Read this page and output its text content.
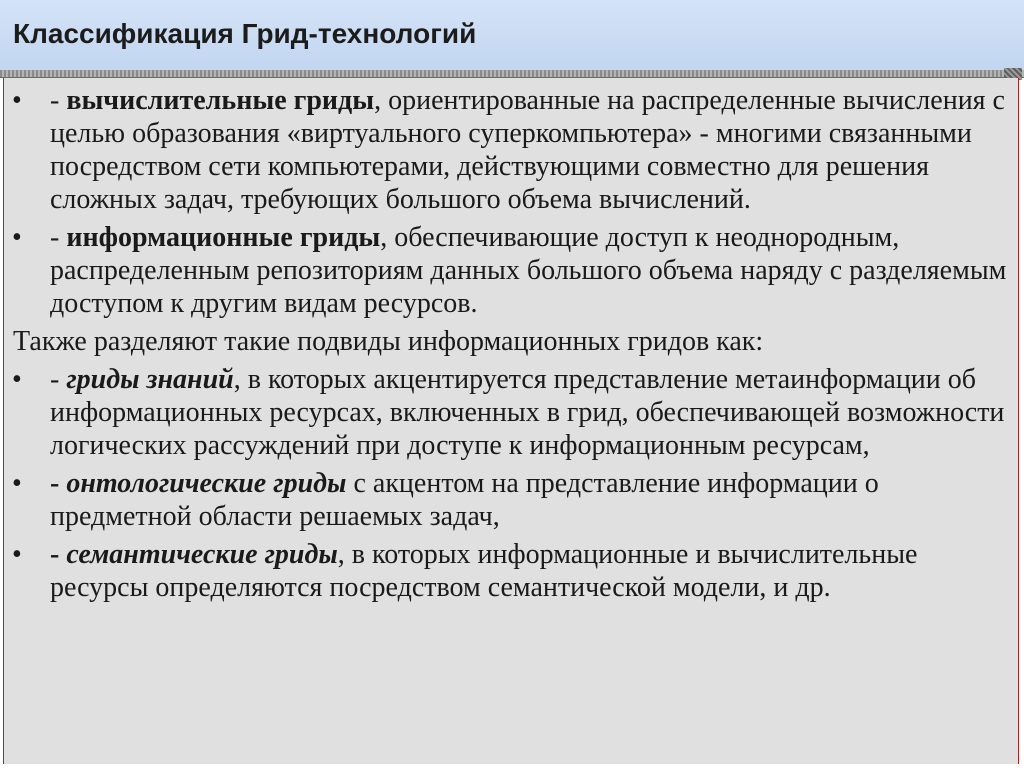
Классификация Грид-технологий
• - вычислительные гриды, ориентированные на распределенные вычисления с целью образования «виртуального суперкомпьютера» - многими связанными посредством сети компьютерами, действующими совместно для решения сложных задач, требующих большого объема вычислений.
• - информационные гриды, обеспечивающие доступ к неоднородным, распределенным репозиториям данных большого объема наряду с разделяемым доступом к другим видам ресурсов.
Также разделяют такие подвиды информационных гридов как:
• - гриды знаний, в которых акцентируется представление метаинформации об информационных ресурсах, включенных в грид, обеспечивающей возможности логических рассуждений при доступе к информационным ресурсам,
• - онтологические гриды с акцентом на представление информации о предметной области решаемых задач,
• - семантические гриды, в которых информационные и вычислительные ресурсы определяются посредством семантической модели, и др.
